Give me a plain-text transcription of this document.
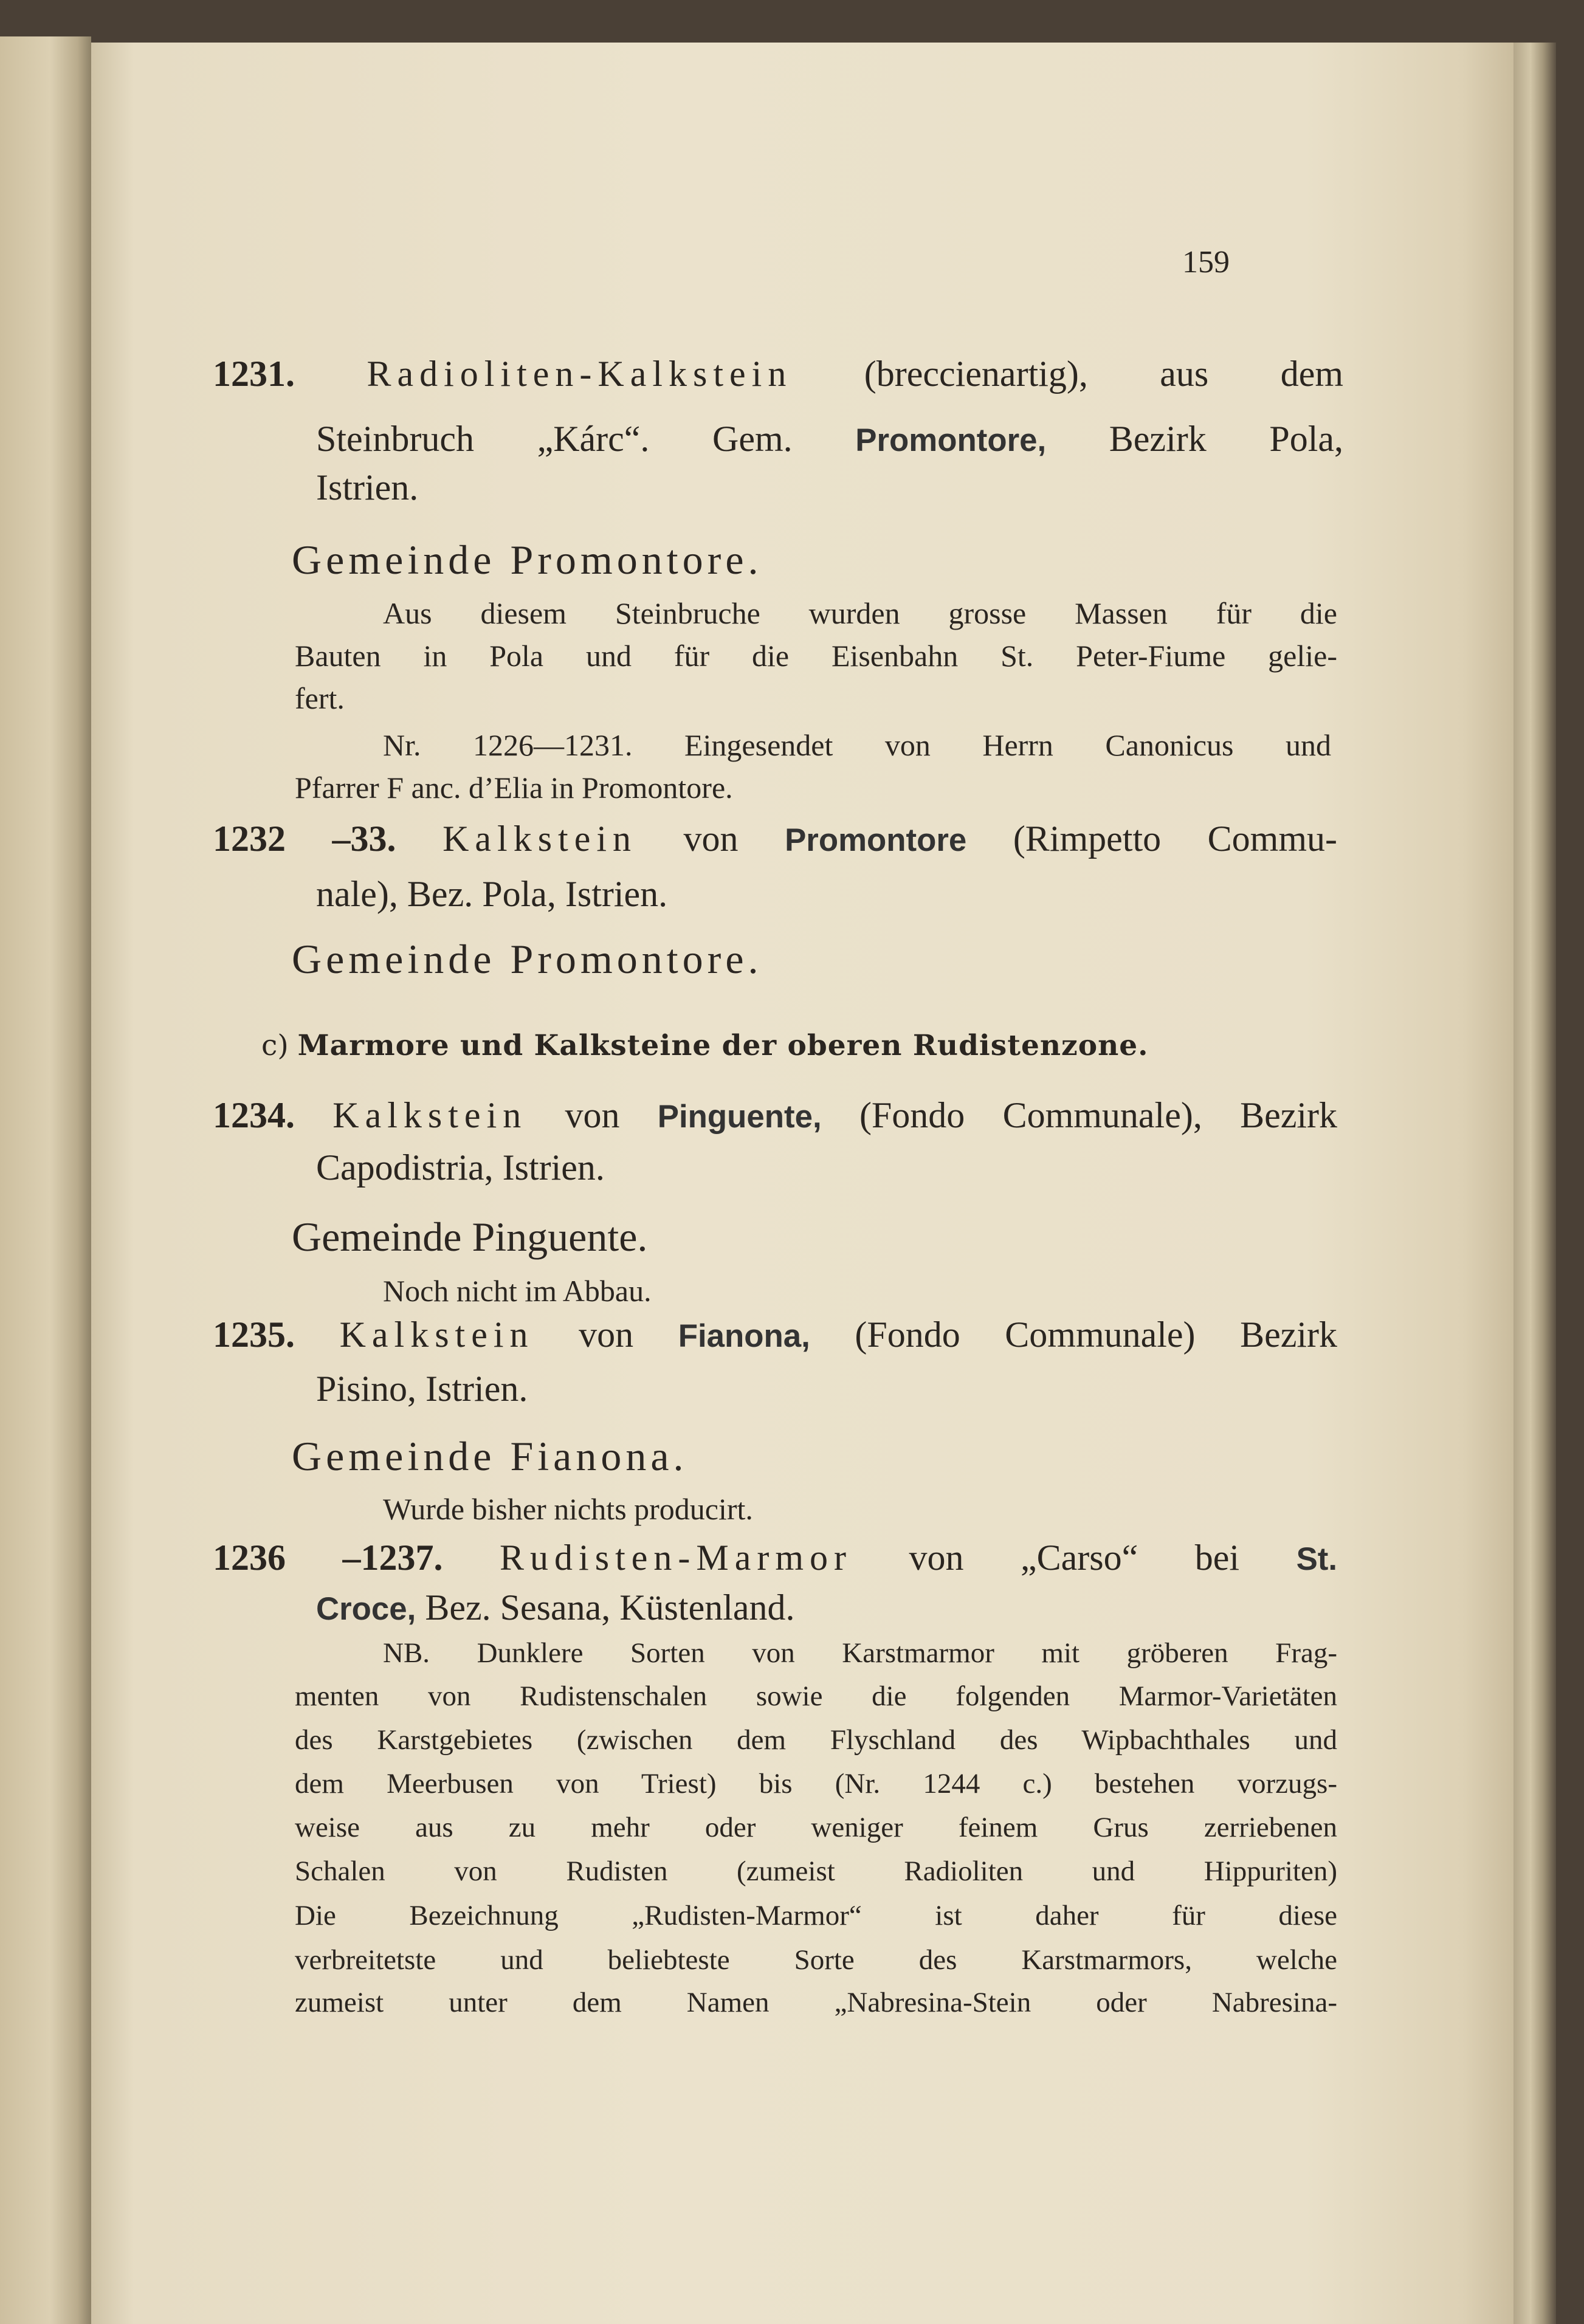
159
1231. Radioliten-Kalkstein (breccienartig), aus dem
Steinbruch „Kárc“. Gem. Promontore, Bezirk Pola,
Istrien.
Gemeinde Promontore.
Aus diesem Steinbruche wurden grosse Massen für die
Bauten in Pola und für die Eisenbahn St. Peter-Fiume gelie-
fert.
Nr. 1226—1231. Eingesendet von Herrn Canonicus und
Pfarrer F anc. d’Elia in Promontore.
1232 –33. Kalkstein von Promontore (Rimpetto Commu-
nale), Bez. Pola, Istrien.
Gemeinde Promontore.
c) Marmore und Kalksteine der oberen Rudistenzone.
1234. Kalkstein von Pinguente, (Fondo Communale), Bezirk
Capodistria, Istrien.
Gemeinde Pinguente.
Noch nicht im Abbau.
1235. Kalkstein von Fianona, (Fondo Communale) Bezirk
Pisino, Istrien.
Gemeinde Fianona.
Wurde bisher nichts producirt.
1236 –1237. Rudisten-Marmor von „Carso“ bei St.
Croce, Bez. Sesana, Küstenland.
NB. Dunklere Sorten von Karstmarmor mit gröberen Frag-
menten von Rudistenschalen sowie die folgenden Marmor-Varietäten
des Karstgebietes (zwischen dem Flyschland des Wipbachthales und
dem Meerbusen von Triest) bis (Nr. 1244 c.) bestehen vorzugs-
weise aus zu mehr oder weniger feinem Grus zerriebenen
Schalen von Rudisten (zumeist Radioliten und Hippuriten)
Die Bezeichnung „Rudisten-Marmor“ ist daher für diese
verbreitetste und beliebteste Sorte des Karstmarmors, welche
zumeist unter dem Namen „Nabresina-Stein oder Nabresina-
